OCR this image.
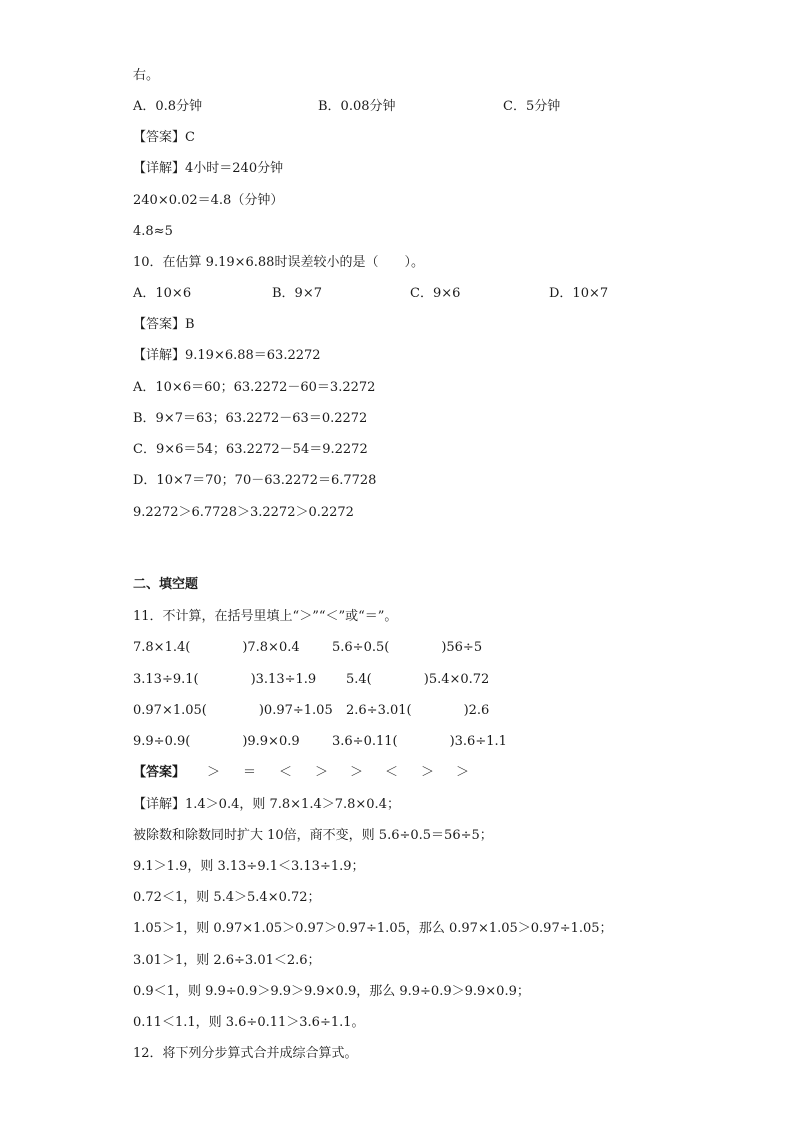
右。
A．0.8分钟	B．0.08分钟	C．5分钟
【答案】C
【详解】4小时＝240分钟
240×0.02＝4.8（分钟）
4.8≈5
10．在估算 9.19×6.88时误差较小的是（　　）。
A．10×6	B．9×7	C．9×6	D．10×7
【答案】B
【详解】9.19×6.88＝63.2272
A．10×6＝60；63.2272－60＝3.2272
B．9×7＝63；63.2272－63＝0.2272
C．9×6＝54；63.2272－54＝9.2272
D．10×7＝70；70－63.2272＝6.7728
9.2272＞6.7728＞3.2272＞0.2272
二、填空题
11．不计算，在括号里填上“＞”“＜”或“＝”。
7.8×1.4(　　　　)7.8×0.4 5.6÷0.5(　　　　)56÷5
3.13÷9.1(　　　　)3.13÷1.9 5.4(　　　　)5.4×0.72
0.97×1.05(　　　　)0.97÷1.05 2.6÷3.01(　　　　)2.6
9.9÷0.9(　　　　)9.9×0.9 3.6÷0.11(　　　　)3.6÷1.1
【答案】 ＞ ＝ ＜ ＞ ＞ ＜ ＞ ＞
【详解】1.4＞0.4，则 7.8×1.4＞7.8×0.4；
被除数和除数同时扩大 10倍，商不变，则 5.6÷0.5＝56÷5；
9.1＞1.9，则 3.13÷9.1＜3.13÷1.9；
0.72＜1，则 5.4＞5.4×0.72；
1.05＞1，则 0.97×1.05＞0.97＞0.97÷1.05，那么 0.97×1.05＞0.97÷1.05；
3.01＞1，则 2.6÷3.01＜2.6；
0.9＜1，则 9.9÷0.9＞9.9＞9.9×0.9，那么 9.9÷0.9＞9.9×0.9；
0.11＜1.1，则 3.6÷0.11＞3.6÷1.1。
12．将下列分步算式合并成综合算式。
